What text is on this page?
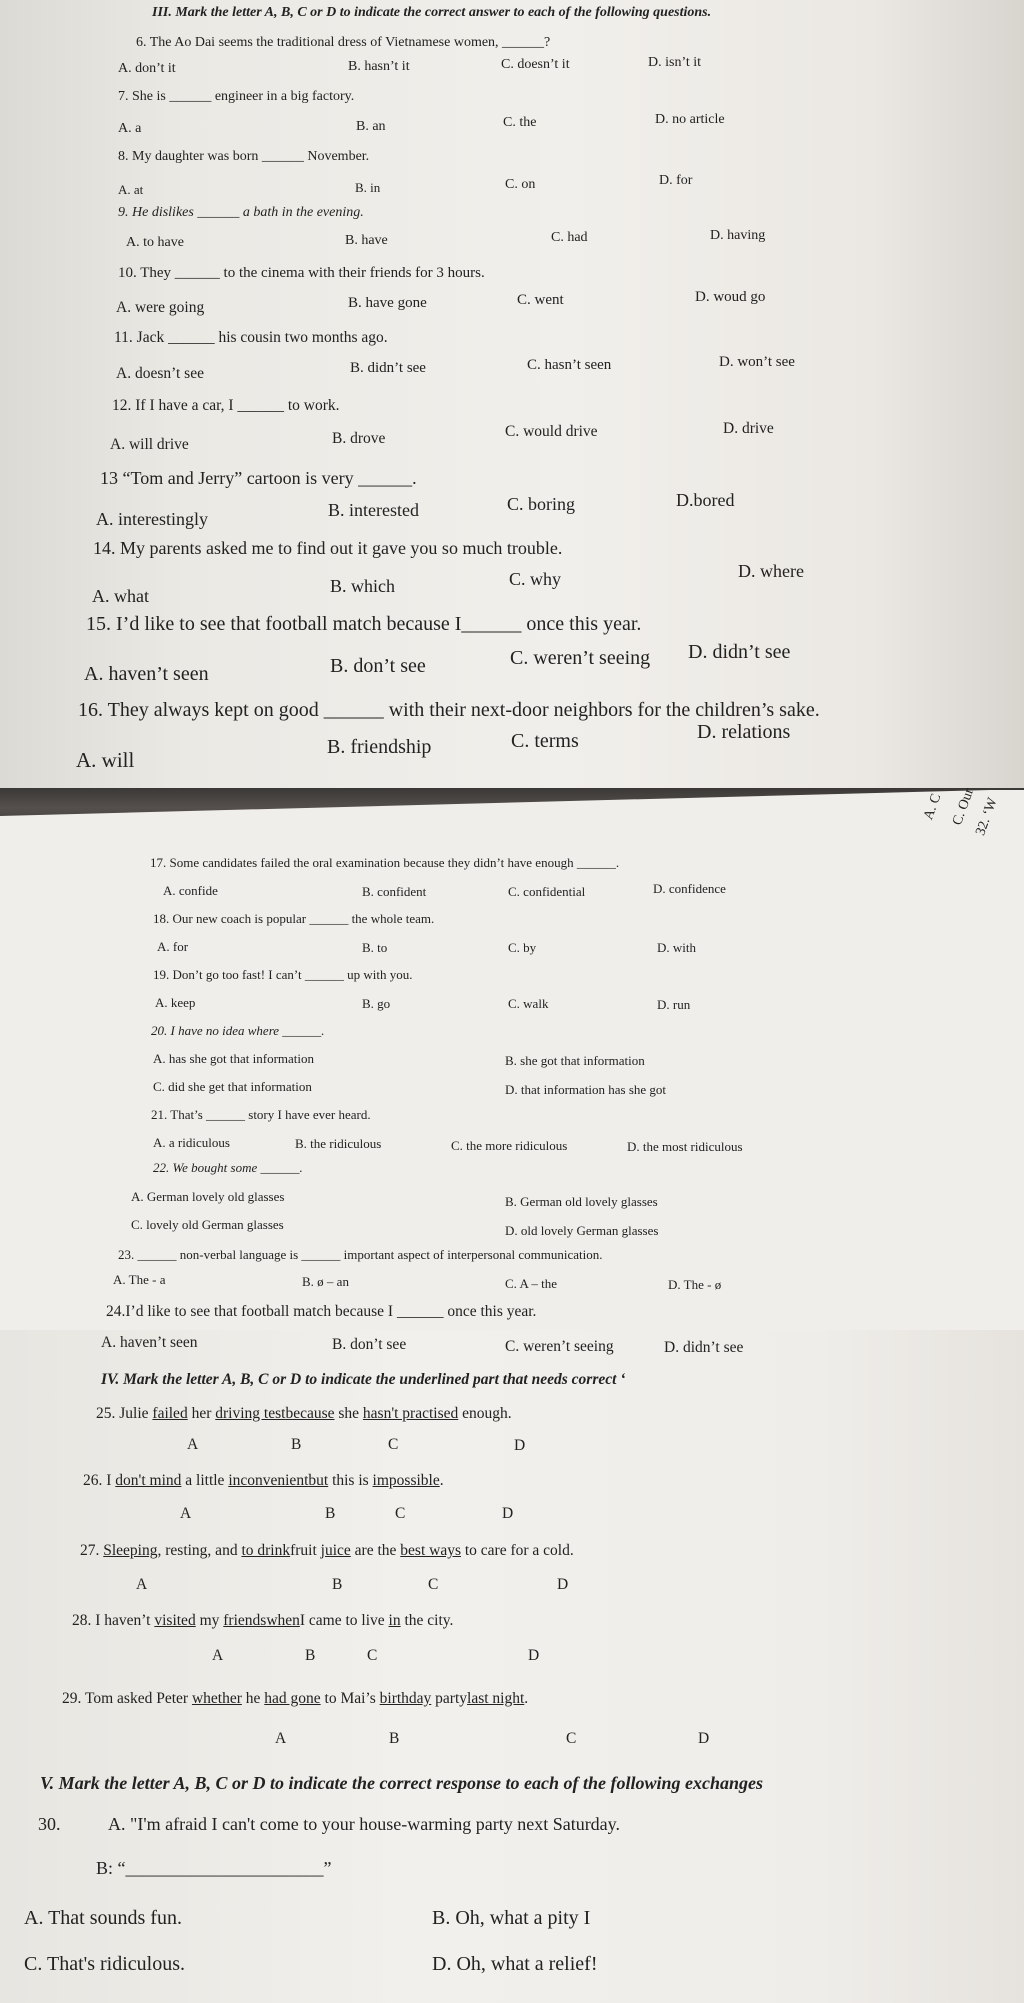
III. Mark the letter A, B, C or D to indicate the correct answer to each of the following questions.
6. The Ao Dai seems the traditional dress of Vietnamese women, ______?
A. don’t it	B. hasn’t it	C. doesn’t it	D. isn’t it
7. She is ______ engineer in a big factory.
A. a	B. an	C. the	D. no article
8. My daughter was born ______ November.
A. at	B. in	C. on	D. for
9. He dislikes ______ a bath in the evening.
A. to have	B. have	C. had	D. having
10. They ______ to the cinema with their friends for 3 hours.
A. were going	B. have gone	C. went	D. woud go
11. Jack ______ his cousin two months ago.
A. doesn’t see	B. didn’t see	C. hasn’t seen	D. won’t see
12. If I have a car, I ______ to work.
A. will drive	B. drove	C. would drive	D. drive
13 “Tom and Jerry” cartoon is very ______.
A. interestingly	B. interested	C. boring	D.bored
14. My parents asked me to find out it gave you so much trouble.
A. what	B. which	C. why	D. where
15. I’d like to see that football match because I______ once this year.
A. haven’t seen	B. don’t see	C. weren’t seeing D. didn’t see
16. They always kept on good ______ with their next-door neighbors for the children’s sake.
A. will
B. friendship	C. terms	D. relations
A. C C. Our
32. ‘W
17. Some candidates failed the oral examination because they didn’t have enough ______.
A. confide	B. confident	C. confidential	D. confidence
18. Our new coach is popular ______ the whole team.
A. for	B. to	C. by	D. with
19. Don’t go too fast! I can’t ______ up with you.
A. keep	B. go	C. walk	D. run
20. I have no idea where ______.
A. has she got that information	B. she got that information
C. did she get that information	D. that information has she got
21. That’s ______ story I have ever heard.
A. a ridiculous	B. the ridiculous	C. the more ridiculous	D. the most ridiculous
22. We bought some ______.
A. German lovely old glasses	B. German old lovely glasses
C. lovely old German glasses	D. old lovely German glasses
23. ______ non-verbal language is ______ important aspect of interpersonal communication.
A. The - a	B. ø – an	C. A – the	D. The - ø
24.I’d like to see that football match because I ______ once this year.
A. haven’t seen	B. don’t see	C. weren’t seeing	D. didn’t see
IV. Mark the letter A, B, C or D to indicate the underlined part that needs correct ‘
25. Julie failed her driving testbecause she hasn't practised enough.
A	B	C	D
26. I don't mind a little inconvenientbut this is impossible.
A	B	C	D
27. Sleeping, resting, and to drinkfruit juice are the best ways to care for a cold.
A	B	C	D
28. I haven’t visited my friendswhenI came to live in the city.
A	B	C	D
29. Tom asked Peter whether he had gone to Mai’s birthday partylast night.
A	B	C	D
V. Mark the letter A, B, C or D to indicate the correct response to each of the following exchanges
30.	A. "I'm afraid I can't come to your house-warming party next Saturday.
B: “______________________”
A. That sounds fun.	B. Oh, what a pity I
C. That's ridiculous.	D. Oh, what a relief!
